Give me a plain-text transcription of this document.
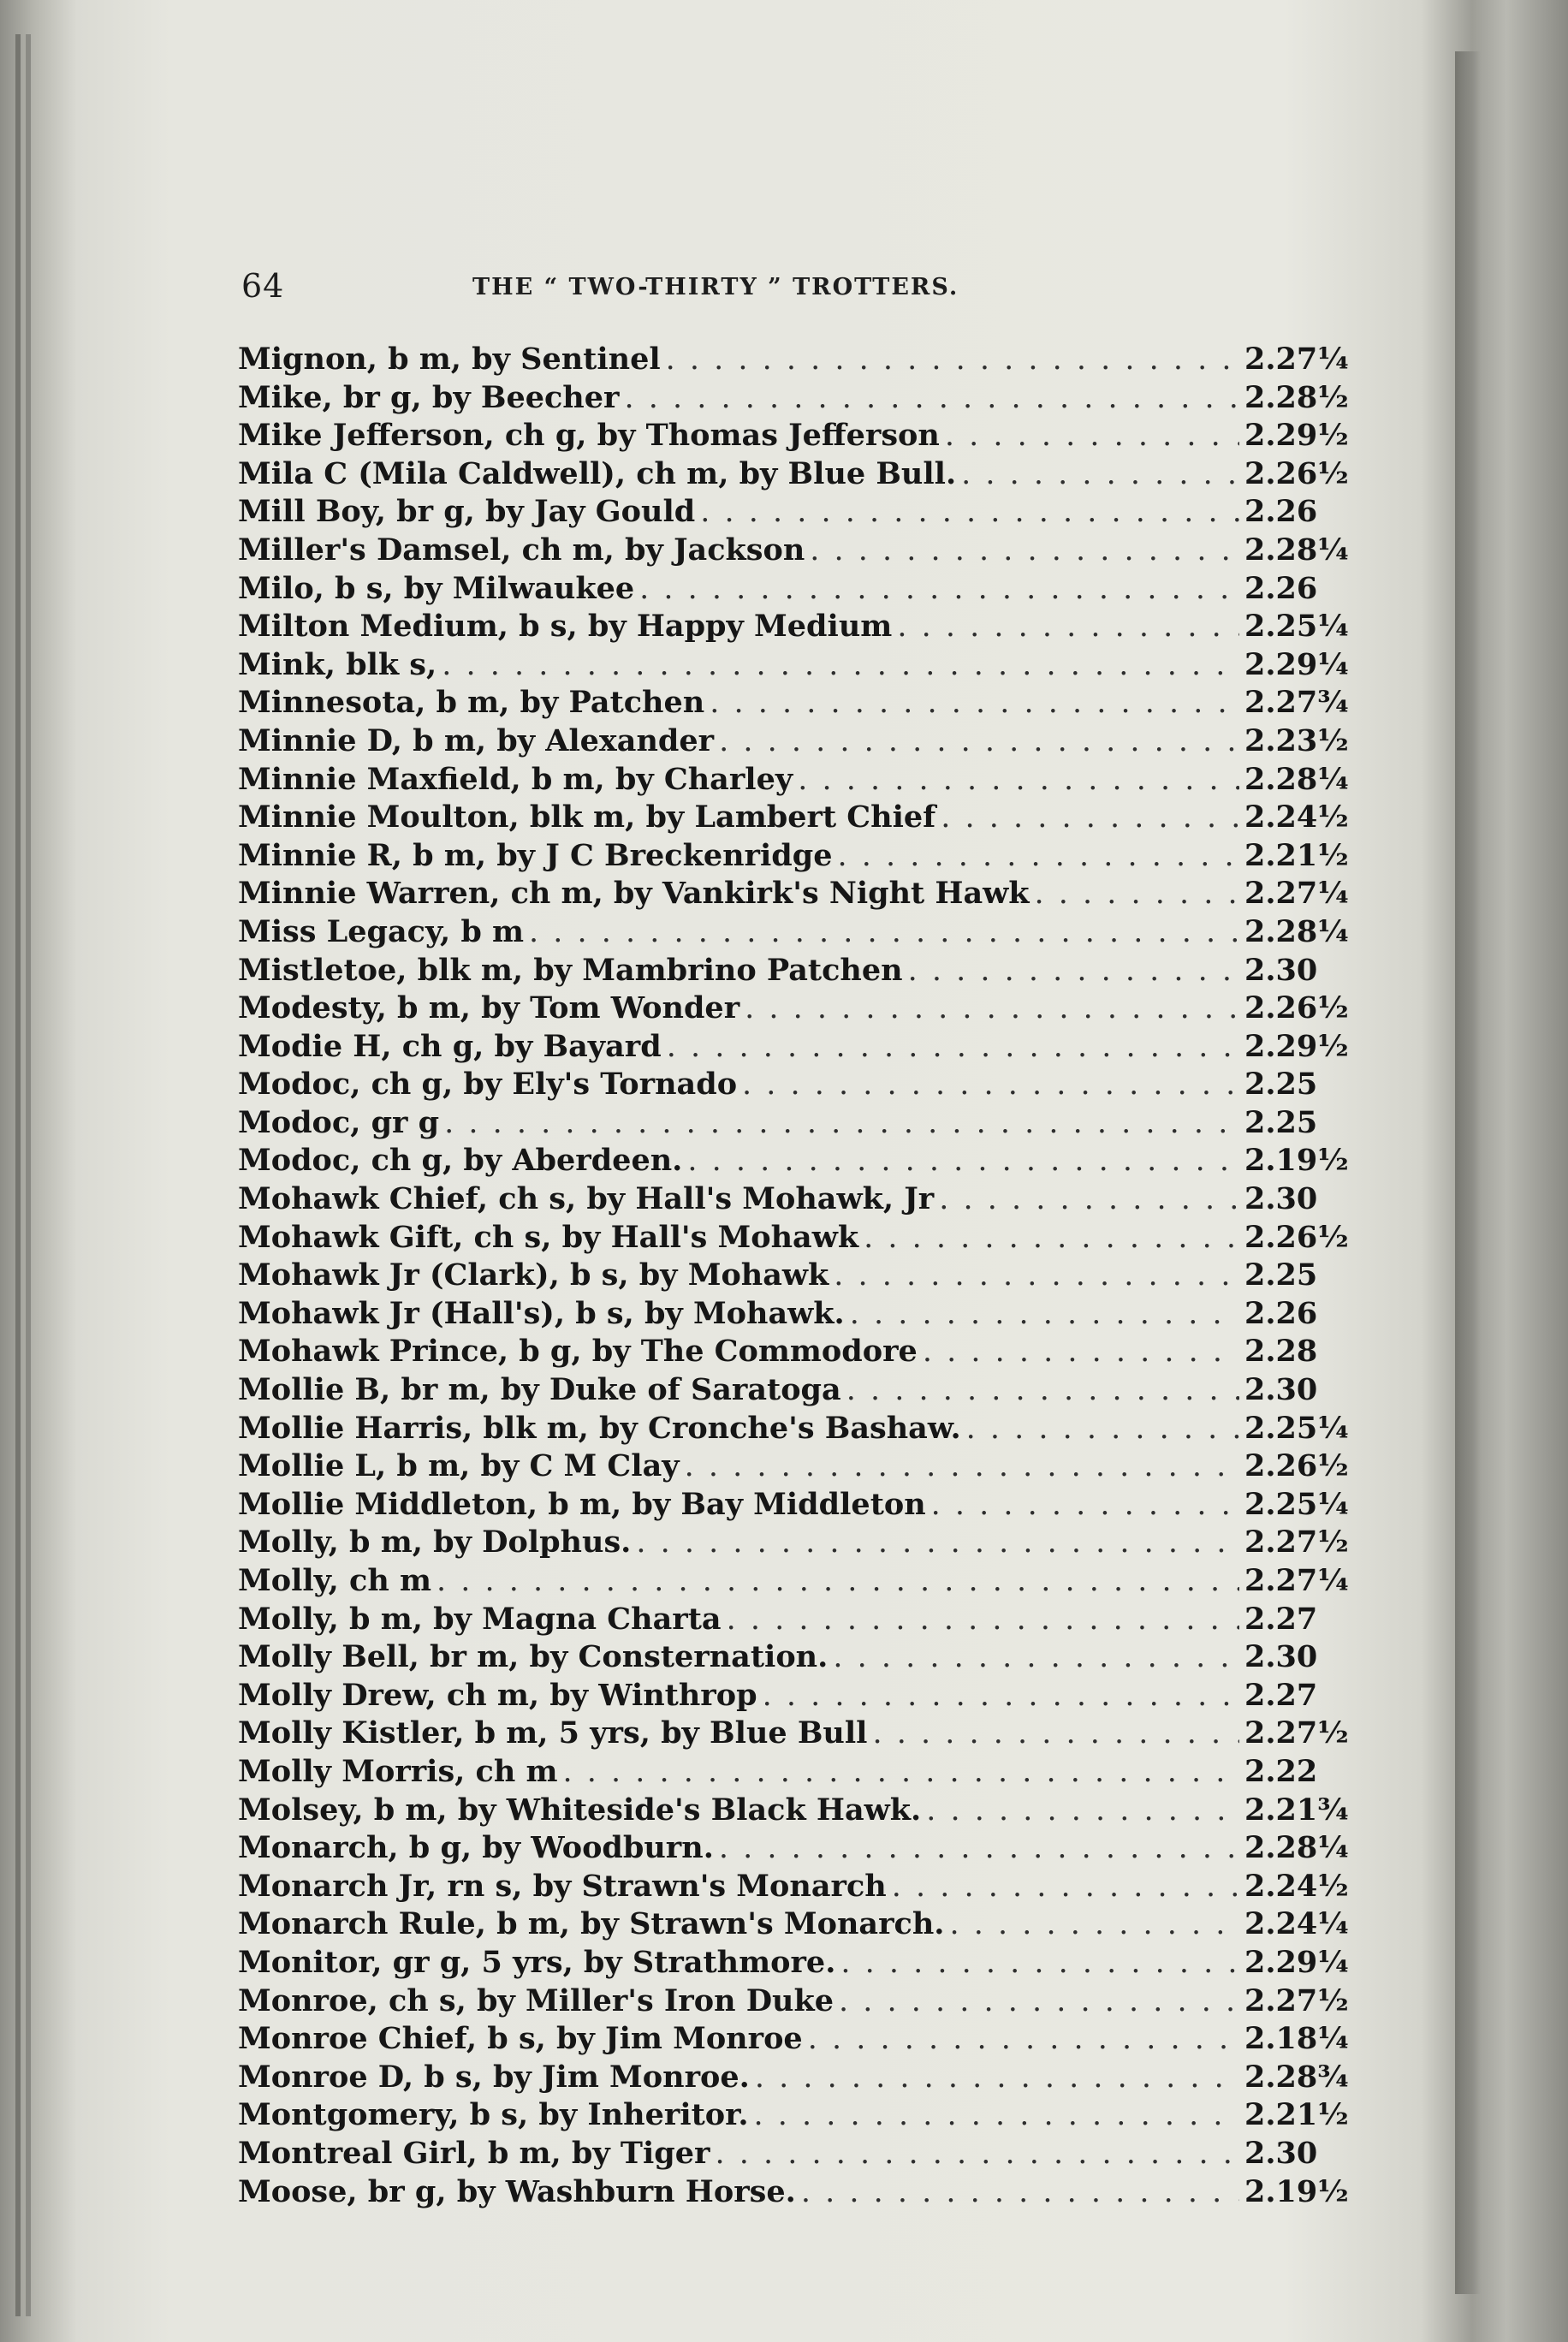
64	THE “ TWO-THIRTY ” TROTTERS.
Mignon, b m, by Sentinel . . .	2.27¼
Mike, br g, by Beecher . . .	2.28½
Mike Jefferson, ch g, by Thomas Jefferson . . .	2.29½
Mila C (Mila Caldwell), ch m, by Blue Bull. . . .	2.26½
Mill Boy, br g, by Jay Gould . . .	2.26
Miller's Damsel, ch m, by Jackson . . .	2.28¼
Milo, b s, by Milwaukee . . .	2.26
Milton Medium, b s, by Happy Medium . . .	2.25¼
Mink, blk s, . . .	2.29¼
Minnesota, b m, by Patchen . . .	2.27¾
Minnie D, b m, by Alexander . . .	2.23½
Minnie Maxfield, b m, by Charley . . .	2.28¼
Minnie Moulton, blk m, by Lambert Chief . . .	2.24½
Minnie R, b m, by J C Breckenridge . . .	2.21½
Minnie Warren, ch m, by Vankirk's Night Hawk . . .	2.27¼
Miss Legacy, b m . . .	2.28¼
Mistletoe, blk m, by Mambrino Patchen . . .	2.30
Modesty, b m, by Tom Wonder . . .	2.26½
Modie H, ch g, by Bayard . . .	2.29½
Modoc, ch g, by Ely's Tornado . . .	2.25
Modoc, gr g . . .	2.25
Modoc, ch g, by Aberdeen. . . .	2.19½
Mohawk Chief, ch s, by Hall's Mohawk, Jr . . .	2.30
Mohawk Gift, ch s, by Hall's Mohawk . . .	2.26½
Mohawk Jr (Clark), b s, by Mohawk . . .	2.25
Mohawk Jr (Hall's), b s, by Mohawk. . . .	2.26
Mohawk Prince, b g, by The Commodore . . .	2.28
Mollie B, br m, by Duke of Saratoga . . .	2.30
Mollie Harris, blk m, by Cronche's Bashaw. . . .	2.25¼
Mollie L, b m, by C M Clay . . .	2.26½
Mollie Middleton, b m, by Bay Middleton . . .	2.25¼
Molly, b m, by Dolphus. . . .	2.27½
Molly, ch m . . .	2.27¼
Molly, b m, by Magna Charta . . .	2.27
Molly Bell, br m, by Consternation. . . .	2.30
Molly Drew, ch m, by Winthrop . . .	2.27
Molly Kistler, b m, 5 yrs, by Blue Bull . . .	2.27½
Molly Morris, ch m . . .	2.22
Molsey, b m, by Whiteside's Black Hawk. . . .	2.21¾
Monarch, b g, by Woodburn. . . .	2.28¼
Monarch Jr, rn s, by Strawn's Monarch . . .	2.24½
Monarch Rule, b m, by Strawn's Monarch. . . .	2.24¼
Monitor, gr g, 5 yrs, by Strathmore. . . .	2.29¼
Monroe, ch s, by Miller's Iron Duke . . .	2.27½
Monroe Chief, b s, by Jim Monroe . . .	2.18¼
Monroe D, b s, by Jim Monroe. . . .	2.28¾
Montgomery, b s, by Inheritor. . . .	2.21½
Montreal Girl, b m, by Tiger . . .	2.30
Moose, br g, by Washburn Horse. . . .	2.19½
